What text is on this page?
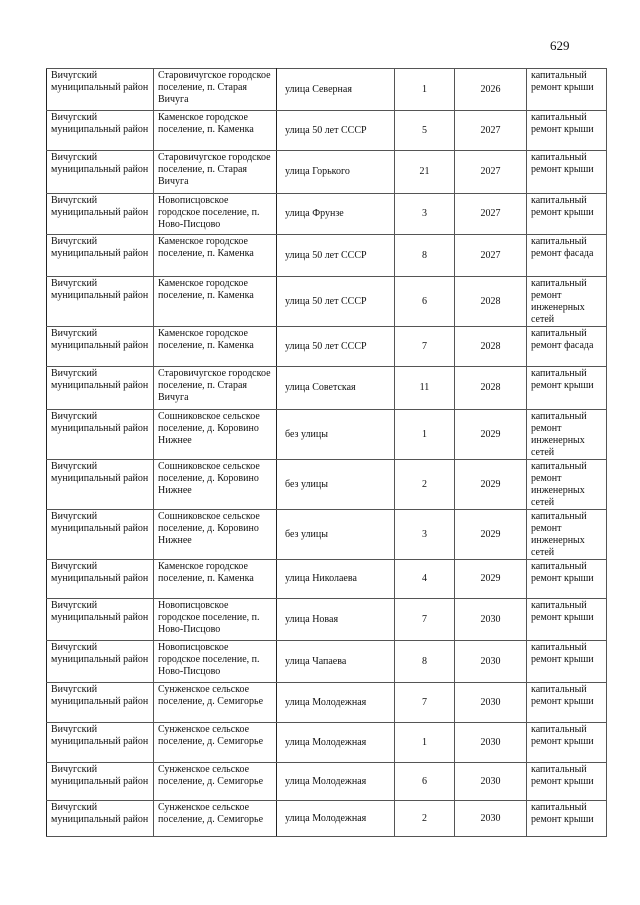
629
Вичугский муниципальный район	Старовичугское городское поселение, п. Старая Вичуга	улица Северная	1	2026	капитальный ремонт крыши
Вичугский муниципальный район	Каменское городское поселение, п. Каменка	улица 50 лет СССР	5	2027	капитальный ремонт крыши
Вичугский муниципальный район	Старовичугское городское поселение, п. Старая Вичуга	улица Горького	21	2027	капитальный ремонт крыши
Вичугский муниципальный район	Новописцовское городское поселение, п. Ново-Писцово	улица Фрунзе	3	2027	капитальный ремонт крыши
Вичугский муниципальный район	Каменское городское поселение, п. Каменка	улица 50 лет СССР	8	2027	капитальный ремонт фасада
Вичугский муниципальный район	Каменское городское поселение, п. Каменка	улица 50 лет СССР	6	2028	капитальный ремонт инженерных сетей
Вичугский муниципальный район	Каменское городское поселение, п. Каменка	улица 50 лет СССР	7	2028	капитальный ремонт фасада
Вичугский муниципальный район	Старовичугское городское поселение, п. Старая Вичуга	улица Советская	11	2028	капитальный ремонт крыши
Вичугский муниципальный район	Сошниковское сельское поселение, д. Коровино Нижнее	без улицы	1	2029	капитальный ремонт инженерных сетей
Вичугский муниципальный район	Сошниковское сельское поселение, д. Коровино Нижнее	без улицы	2	2029	капитальный ремонт инженерных сетей
Вичугский муниципальный район	Сошниковское сельское поселение, д. Коровино Нижнее	без улицы	3	2029	капитальный ремонт инженерных сетей
Вичугский муниципальный район	Каменское городское поселение, п. Каменка	улица Николаева	4	2029	капитальный ремонт крыши
Вичугский муниципальный район	Новописцовское городское поселение, п. Ново-Писцово	улица Новая	7	2030	капитальный ремонт крыши
Вичугский муниципальный район	Новописцовское городское поселение, п. Ново-Писцово	улица Чапаева	8	2030	капитальный ремонт крыши
Вичугский муниципальный район	Сунженское сельское поселение, д. Семигорье	улица Молодежная	7	2030	капитальный ремонт крыши
Вичугский муниципальный район	Сунженское сельское поселение, д. Семигорье	улица Молодежная	1	2030	капитальный ремонт крыши
Вичугский муниципальный район	Сунженское сельское поселение, д. Семигорье	улица Молодежная	6	2030	капитальный ремонт крыши
Вичугский муниципальный район	Сунженское сельское поселение, д. Семигорье	улица Молодежная	2	2030	капитальный ремонт крыши
